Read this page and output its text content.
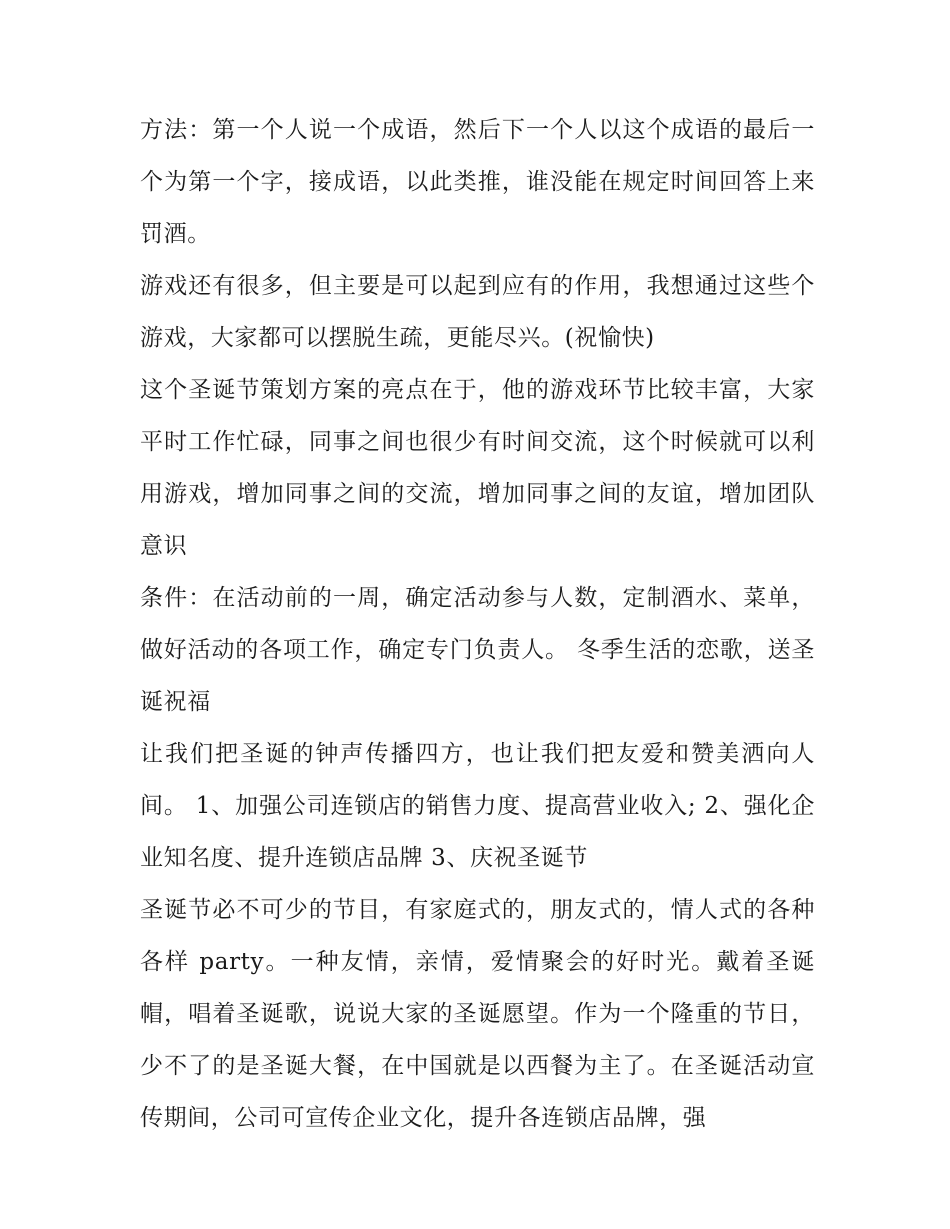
方法：第一个人说一个成语，然后下一个人以这个成语的最后一个为第一个字，接成语，以此类推，谁没能在规定时间回答上来罚酒。

游戏还有很多，但主要是可以起到应有的作用，我想通过这些个游戏，大家都可以摆脱生疏，更能尽兴。(祝愉快)

这个圣诞节策划方案的亮点在于，他的游戏环节比较丰富，大家平时工作忙碌，同事之间也很少有时间交流，这个时候就可以利用游戏，增加同事之间的交流，增加同事之间的友谊，增加团队意识

条件：在活动前的一周，确定活动参与人数，定制酒水、菜单，做好活动的各项工作，确定专门负责人。 冬季生活的恋歌，送圣诞祝福

让我们把圣诞的钟声传播四方，也让我们把友爱和赞美洒向人间。 1、加强公司连锁店的销售力度、提高营业收入; 2、强化企业知名度、提升连锁店品牌 3、庆祝圣诞节

圣诞节必不可少的节目，有家庭式的，朋友式的，情人式的各种各样 party。一种友情，亲情，爱情聚会的好时光。戴着圣诞帽，唱着圣诞歌，说说大家的圣诞愿望。作为一个隆重的节日，少不了的是圣诞大餐，在中国就是以西餐为主了。在圣诞活动宣传期间，公司可宣传企业文化，提升各连锁店品牌，强
